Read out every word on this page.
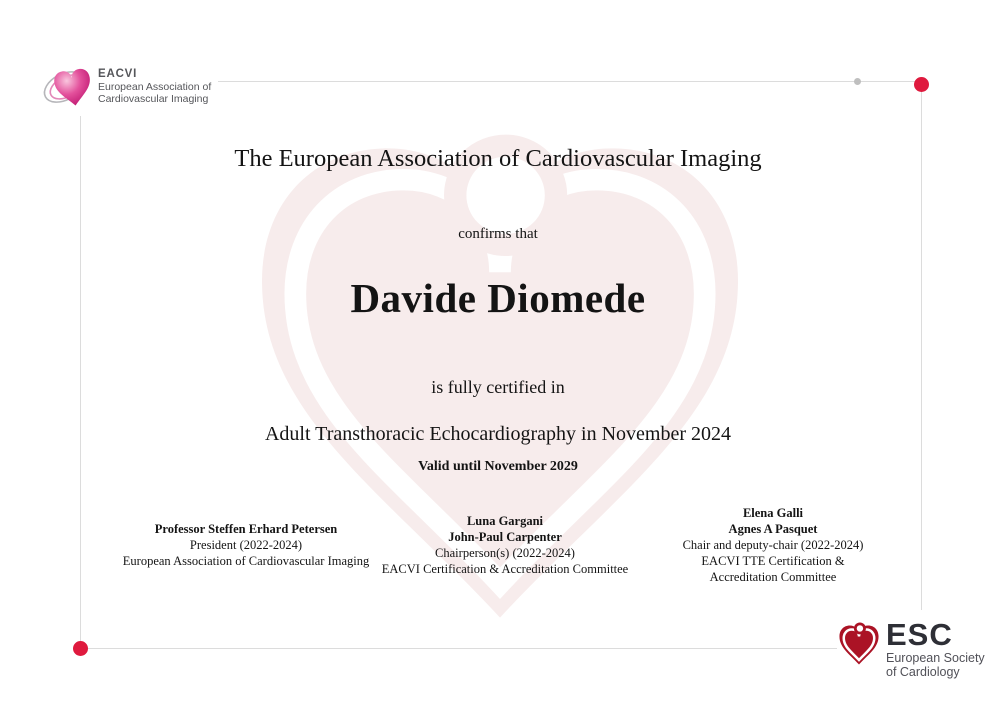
EACVI
European Association of
Cardiovascular Imaging
The European Association of Cardiovascular Imaging
confirms that
Davide Diomede
is fully certified in
Adult Transthoracic Echocardiography in November 2024
Valid until November 2029
Professor Steffen Erhard Petersen
President (2022-2024)
European Association of Cardiovascular Imaging
Luna Gargani
John-Paul Carpenter
Chairperson(s) (2022-2024)
EACVI Certification & Accreditation Committee
Elena Galli
Agnes A Pasquet
Chair and deputy-chair (2022-2024)
EACVI TTE Certification &
Accreditation Committee
ESC
European Society
of Cardiology
